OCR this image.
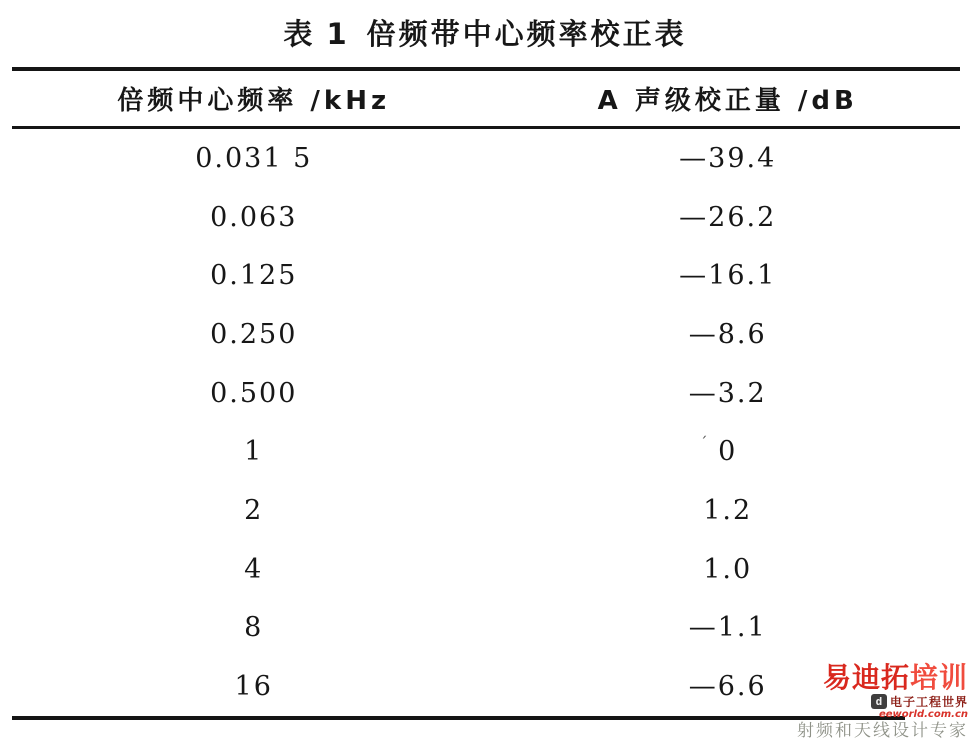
表 1 倍频带中心频率校正表
倍频中心频率 /kHz	A 声级校正量 /dB
0.031 5	—39.4
0.063	—26.2
0.125	—16.1
0.250	—8.6
0.500	—3.2
1	0
2	1.2
4	1.0
8	—1.1
16	—6.6
ˊ
易迪拓培训
d 电子工程世界
eeworld.com.cn
射频和天线设计专家
